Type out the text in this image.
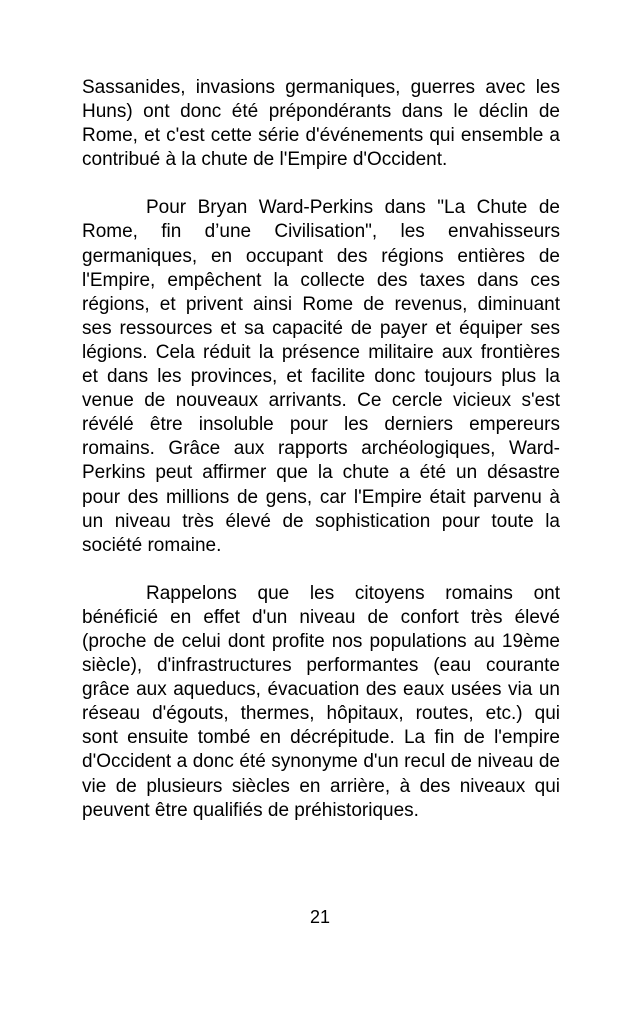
Sassanides, invasions germaniques, guerres avec les Huns) ont donc été prépondérants dans le déclin de Rome, et c'est cette série d'événements qui ensemble a contribué à la chute de l'Empire d'Occident.

Pour Bryan Ward-Perkins dans "La Chute de Rome, fin d’une Civilisation", les envahisseurs germaniques, en occupant des régions entières de l'Empire, empêchent la collecte des taxes dans ces régions, et privent ainsi Rome de revenus, diminuant ses ressources et sa capacité de payer et équiper ses légions. Cela réduit la présence militaire aux frontières et dans les provinces, et facilite donc toujours plus la venue de nouveaux arrivants. Ce cercle vicieux s'est révélé être insoluble pour les derniers empereurs romains. Grâce aux rapports archéologiques, Ward-Perkins peut affirmer que la chute a été un désastre pour des millions de gens, car l'Empire était parvenu à un niveau très élevé de sophistication pour toute la société romaine.

Rappelons que les citoyens romains ont bénéficié en effet d'un niveau de confort très élevé (proche de celui dont profite nos populations au 19ème siècle), d'infrastructures performantes (eau courante grâce aux aqueducs, évacuation des eaux usées via un réseau d'égouts, thermes, hôpitaux, routes, etc.) qui sont ensuite tombé en décrépitude. La fin de l'empire d'Occident a donc été synonyme d'un recul de niveau de vie de plusieurs siècles en arrière, à des niveaux qui peuvent être qualifiés de préhistoriques.

21
